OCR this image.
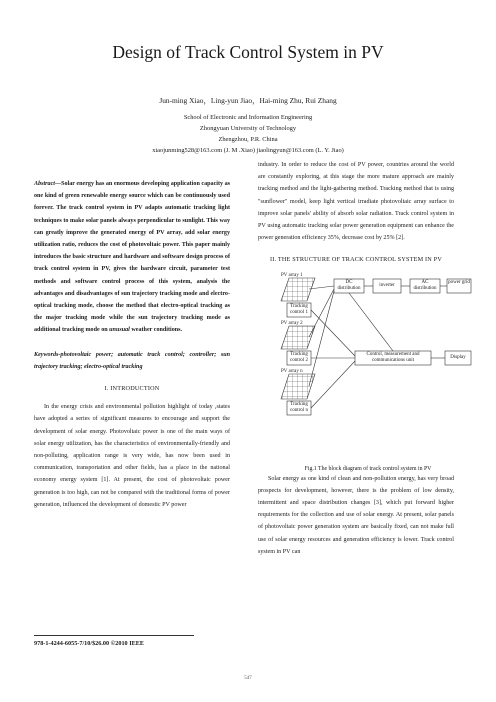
Design of Track Control System in PV
Jun-ming Xiao，Ling-yun Jiao，Hai-ming Zhu, Rui Zhang
School of Electronic and Information Engineering
Zhongyuan University of Technology
Zhengzhou, P.R. China
xiaojunming528@163.com (J. M .Xiao) jiaolingyun@163.com (L. Y. Jiao)
Abstract—Solar energy has an enormous developing application capacity as one kind of green renewable energy source which can be continuously used forever. The track control system in PV adapts automatic tracking light techniques to make solar panels always perpendicular to sunlight. This way can greatly improve the generated energy of PV array, add solar energy utilization ratio, reduces the cost of photovoltaic power. This paper mainly introduces the basic structure and hardware and software design process of track control system in PV, gives the hardware circuit, parameter test methods and software control process of this system, analysis the advantages and disadvantages of sun trajectory tracking mode and electro-optical tracking mode, choose the method that electro-optical tracking as the major tracking mode while the sun trajectory tracking mode as additional tracking mode on unusual weather conditions.
Keywords-photovoltaic power; automatic track control; controller; sun trajectory tracking; electro-optical tracking
I. INTRODUCTION
In the energy crisis and environmental pollution highlight of today ,states have adopted a series of significant measures to encourage and support the development of solar energy. Photovoltaic power is one of the main ways of solar energy utilization, has the characteristics of environmentally-friendly and non-polluting, application range is very wide, has now been used in communication, transportation and other fields, has a place in the national economy energy system [1]. At present, the cost of photovoltaic power generation is too high, can not be compared with the traditional forms of power generation, influenced the development of domestic PV power
industry. In order to reduce the cost of PV power, countries around the world are constantly exploring, at this stage the more mature approach are mainly tracking method and the light-gathering method. Tracking method that is using "sunflower" model, keep light vertical irradiate photovoltaic array surface to improve solar panels' ability of absorb solar radiation. Track control system in PV using automatic tracking solar power generation equipment can enhance the power generation efficiency 35%, decrease cost by 25% [2].
II. THE STRUCTURE OF TRACK CONTROL SYSTEM IN PV
Solar energy as one kind of clean and non-pollution energy, has very broad prospects for development, however, there is the problem of low density, intermittent and space distribution changes [3], which put forward higher requirements for the collection and use of solar energy. At present, solar panels of photovoltaic power generation system are basically fixed, can not make full use of solar energy resources and generation efficiency is lower. Track control system in PV can
PV array 1
Tracking control 1
PV array 2
Tracking control 2
PV array n
Tracking control n
DC distribution	inverter
AC distribution
power grid
Control, measurement and communications unit	Display
Fig.1 The block diagram of track control system in PV
978-1-4244-6055-7/10/$26.00 ©2010 IEEE
547
